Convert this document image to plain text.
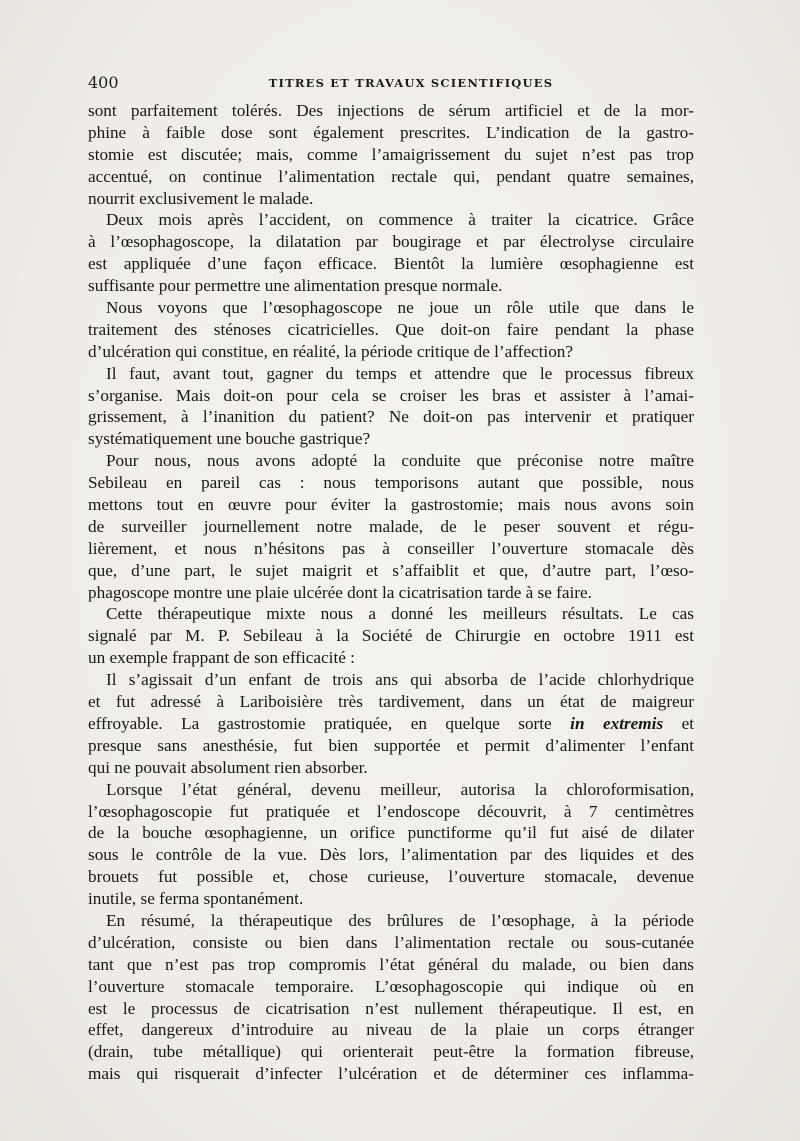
400	TITRES ET TRAVAUX SCIENTIFIQUES
sont parfaitement tolérés. Des injections de sérum artificiel et de la mor-
phine à faible dose sont également prescrites. L’indication de la gastro-
stomie est discutée; mais, comme l’amaigrissement du sujet n’est pas trop
accentué, on continue l’alimentation rectale qui, pendant quatre semaines,
nourrit exclusivement le malade.
Deux mois après l’accident, on commence à traiter la cicatrice. Grâce
à l’œsophagoscope, la dilatation par bougirage et par électrolyse circulaire
est appliquée d’une façon efficace. Bientôt la lumière œsophagienne est
suffisante pour permettre une alimentation presque normale.
Nous voyons que l’œsophagoscope ne joue un rôle utile que dans le
traitement des sténoses cicatricielles. Que doit-on faire pendant la phase
d’ulcération qui constitue, en réalité, la période critique de l’affection?
Il faut, avant tout, gagner du temps et attendre que le processus fibreux
s’organise. Mais doit-on pour cela se croiser les bras et assister à l’amai-
grissement, à l’inanition du patient? Ne doit-on pas intervenir et pratiquer
systématiquement une bouche gastrique?
Pour nous, nous avons adopté la conduite que préconise notre maître
Sebileau en pareil cas : nous temporisons autant que possible, nous
mettons tout en œuvre pour éviter la gastrostomie; mais nous avons soin
de surveiller journellement notre malade, de le peser souvent et régu-
lièrement, et nous n’hésitons pas à conseiller l’ouverture stomacale dès
que, d’une part, le sujet maigrit et s’affaiblit et que, d’autre part, l’œso-
phagoscope montre une plaie ulcérée dont la cicatrisation tarde à se faire.
Cette thérapeutique mixte nous a donné les meilleurs résultats. Le cas
signalé par M. P. Sebileau à la Société de Chirurgie en octobre 1911 est
un exemple frappant de son efficacité :
Il s’agissait d’un enfant de trois ans qui absorba de l’acide chlorhydrique
et fut adressé à Lariboisière très tardivement, dans un état de maigreur
effroyable. La gastrostomie pratiquée, en quelque sorte in extremis et
presque sans anesthésie, fut bien supportée et permit d’alimenter l’enfant
qui ne pouvait absolument rien absorber.
Lorsque l’état général, devenu meilleur, autorisa la chloroformisation,
l’œsophagoscopie fut pratiquée et l’endoscope découvrit, à 7 centimètres
de la bouche œsophagienne, un orifice punctiforme qu’il fut aisé de dilater
sous le contrôle de la vue. Dès lors, l’alimentation par des liquides et des
brouets fut possible et, chose curieuse, l’ouverture stomacale, devenue
inutile, se ferma spontanément.
En résumé, la thérapeutique des brûlures de l’œsophage, à la période
d’ulcération, consiste ou bien dans l’alimentation rectale ou sous-cutanée
tant que n’est pas trop compromis l’état général du malade, ou bien dans
l’ouverture stomacale temporaire. L’œsophagoscopie qui indique où en
est le processus de cicatrisation n’est nullement thérapeutique. Il est, en
effet, dangereux d’introduire au niveau de la plaie un corps étranger
(drain, tube métallique) qui orienterait peut-être la formation fibreuse,
mais qui risquerait d’infecter l’ulcération et de déterminer ces inflamma-
